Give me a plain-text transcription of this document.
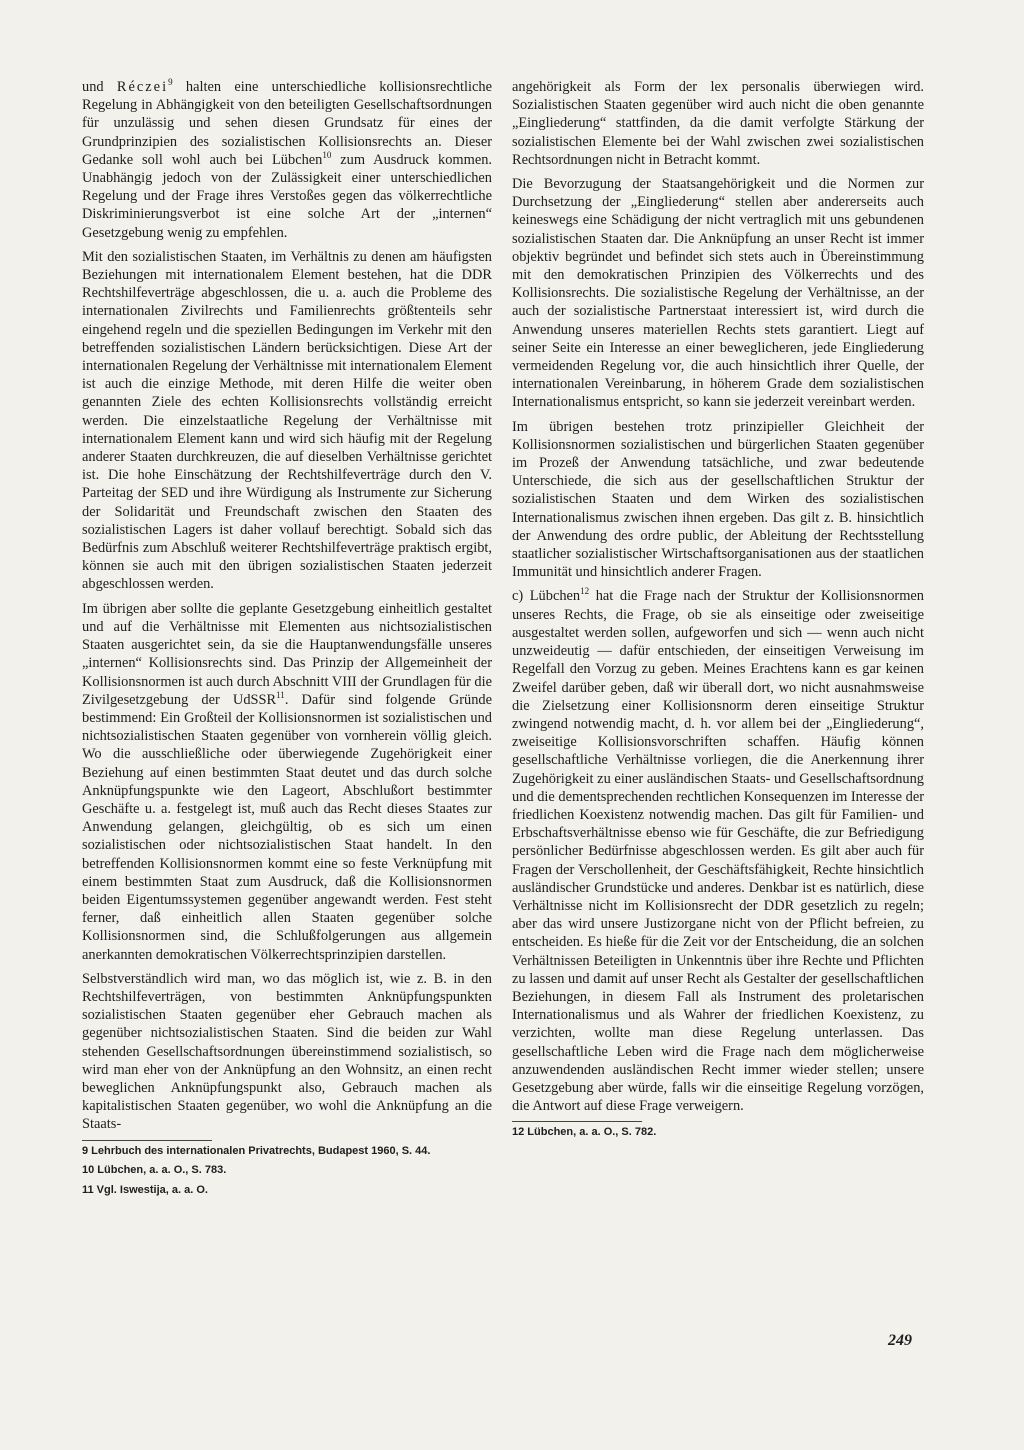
und Réczei$^9$ halten eine unterschiedliche kollisionsrechtliche Regelung in Abhängigkeit von den beteiligten Gesellschaftsordnungen für unzulässig und sehen diesen Grundsatz für eines der Grundprinzipien des sozialistischen Kollisionsrechts an. Dieser Gedanke soll wohl auch bei Lübchen$^{10}$ zum Ausdruck kommen. Unabhängig jedoch von der Zulässigkeit einer unterschiedlichen Regelung und der Frage ihres Verstoßes gegen das völkerrechtliche Diskriminierungsverbot ist eine solche Art der „internen“ Gesetzgebung wenig zu empfehlen.

Mit den sozialistischen Staaten, im Verhältnis zu denen am häufigsten Beziehungen mit internationalem Element bestehen, hat die DDR Rechtshilfeverträge abgeschlossen, die u. a. auch die Probleme des internationalen Zivilrechts und Familienrechts größtenteils sehr eingehend regeln und die speziellen Bedingungen im Verkehr mit den betreffenden sozialistischen Ländern berücksichtigen. Diese Art der internationalen Regelung der Verhältnisse mit internationalem Element ist auch die einzige Methode, mit deren Hilfe die weiter oben genannten Ziele des echten Kollisionsrechts vollständig erreicht werden. Die einzelstaatliche Regelung der Verhältnisse mit internationalem Element kann und wird sich häufig mit der Regelung anderer Staaten durchkreuzen, die auf dieselben Verhältnisse gerichtet ist. Die hohe Einschätzung der Rechtshilfeverträge durch den V. Parteitag der SED und ihre Würdigung als Instrumente zur Sicherung der Solidarität und Freundschaft zwischen den Staaten des sozialistischen Lagers ist daher vollauf berechtigt. Sobald sich das Bedürfnis zum Abschluß weiterer Rechtshilfeverträge praktisch ergibt, können sie auch mit den übrigen sozialistischen Staaten jederzeit abgeschlossen werden.

Im übrigen aber sollte die geplante Gesetzgebung einheitlich gestaltet und auf die Verhältnisse mit Elementen aus nichtsozialistischen Staaten ausgerichtet sein, da sie die Hauptanwendungsfälle unseres „internen“ Kollisionsrechts sind. Das Prinzip der Allgemeinheit der Kollisionsnormen ist auch durch Abschnitt VIII der Grundlagen für die Zivilgesetzgebung der UdSSR$^{11}$. Dafür sind folgende Gründe bestimmend: Ein Großteil der Kollisionsnormen ist sozialistischen und nichtsozialistischen Staaten gegenüber von vornherein völlig gleich. Wo die ausschließliche oder überwiegende Zugehörigkeit einer Beziehung auf einen bestimmten Staat deutet und das durch solche Anknüpfungspunkte wie den Lageort, Abschlußort bestimmter Geschäfte u. a. festgelegt ist, muß auch das Recht dieses Staates zur Anwendung gelangen, gleichgültig, ob es sich um einen sozialistischen oder nichtsozialistischen Staat handelt. In den betreffenden Kollisionsnormen kommt eine so feste Verknüpfung mit einem bestimmten Staat zum Ausdruck, daß die Kollisionsnormen beiden Eigentumssystemen gegenüber angewandt werden. Fest steht ferner, daß einheitlich allen Staaten gegenüber solche Kollisionsnormen sind, die Schlußfolgerungen aus allgemein anerkannten demokratischen Völkerrechtsprinzipien darstellen.

Selbstverständlich wird man, wo das möglich ist, wie z. B. in den Rechtshilfeverträgen, von bestimmten Anknüpfungspunkten sozialistischen Staaten gegenüber eher Gebrauch machen als gegenüber nichtsozialistischen Staaten. Sind die beiden zur Wahl stehenden Gesellschaftsordnungen übereinstimmend sozialistisch, so wird man eher von der Anknüpfung an den Wohnsitz, an einen recht beweglichen Anknüpfungspunkt also, Gebrauch machen als kapitalistischen Staaten gegenüber, wo wohl die Anknüpfung an die Staats-

9 Lehrbuch des internationalen Privatrechts, Budapest 1960, S. 44.

10 Lübchen, a. a. O., S. 783.

11 Vgl. Iswestija, a. a. O.

angehörigkeit als Form der lex personalis überwiegen wird. Sozialistischen Staaten gegenüber wird auch nicht die oben genannte „Eingliederung“ stattfinden, da die damit verfolgte Stärkung der sozialistischen Elemente bei der Wahl zwischen zwei sozialistischen Rechtsordnungen nicht in Betracht kommt.

Die Bevorzugung der Staatsangehörigkeit und die Normen zur Durchsetzung der „Eingliederung“ stellen aber andererseits auch keineswegs eine Schädigung der nicht vertraglich mit uns gebundenen sozialistischen Staaten dar. Die Anknüpfung an unser Recht ist immer objektiv begründet und befindet sich stets auch in Übereinstimmung mit den demokratischen Prinzipien des Völkerrechts und des Kollisionsrechts. Die sozialistische Regelung der Verhältnisse, an der auch der sozialistische Partnerstaat interessiert ist, wird durch die Anwendung unseres materiellen Rechts stets garantiert. Liegt auf seiner Seite ein Interesse an einer beweglicheren, jede Eingliederung vermeidenden Regelung vor, die auch hinsichtlich ihrer Quelle, der internationalen Vereinbarung, in höherem Grade dem sozialistischen Internationalismus entspricht, so kann sie jederzeit vereinbart werden.

Im übrigen bestehen trotz prinzipieller Gleichheit der Kollisionsnormen sozialistischen und bürgerlichen Staaten gegenüber im Prozeß der Anwendung tatsächliche, und zwar bedeutende Unterschiede, die sich aus der gesellschaftlichen Struktur der sozialistischen Staaten und dem Wirken des sozialistischen Internationalismus zwischen ihnen ergeben. Das gilt z. B. hinsichtlich der Anwendung des ordre public, der Ableitung der Rechtsstellung staatlicher sozialistischer Wirtschaftsorganisationen aus der staatlichen Immunität und hinsichtlich anderer Fragen.

c) Lübchen$^{12}$ hat die Frage nach der Struktur der Kollisionsnormen unseres Rechts, die Frage, ob sie als einseitige oder zweiseitige ausgestaltet werden sollen, aufgeworfen und sich — wenn auch nicht unzweideutig — dafür entschieden, der einseitigen Verweisung im Regelfall den Vorzug zu geben. Meines Erachtens kann es gar keinen Zweifel darüber geben, daß wir überall dort, wo nicht ausnahmsweise die Zielsetzung einer Kollisionsnorm deren einseitige Struktur zwingend notwendig macht, d. h. vor allem bei der „Eingliederung“, zweiseitige Kollisionsvorschriften schaffen. Häufig können gesellschaftliche Verhältnisse vorliegen, die die Anerkennung ihrer Zugehörigkeit zu einer ausländischen Staats- und Gesellschaftsordnung und die dementsprechenden rechtlichen Konsequenzen im Interesse der friedlichen Koexistenz notwendig machen. Das gilt für Familien- und Erbschaftsverhältnisse ebenso wie für Geschäfte, die zur Befriedigung persönlicher Bedürfnisse abgeschlossen werden. Es gilt aber auch für Fragen der Verschollenheit, der Geschäftsfähigkeit, Rechte hinsichtlich ausländischer Grundstücke und anderes. Denkbar ist es natürlich, diese Verhältnisse nicht im Kollisionsrecht der DDR gesetzlich zu regeln; aber das wird unsere Justizorgane nicht von der Pflicht befreien, zu entscheiden. Es hieße für die Zeit vor der Entscheidung, die an solchen Verhältnissen Beteiligten in Unkenntnis über ihre Rechte und Pflichten zu lassen und damit auf unser Recht als Gestalter der gesellschaftlichen Beziehungen, in diesem Fall als Instrument des proletarischen Internationalismus und als Wahrer der friedlichen Koexistenz, zu verzichten, wollte man diese Regelung unterlassen. Das gesellschaftliche Leben wird die Frage nach dem möglicherweise anzuwendenden ausländischen Recht immer wieder stellen; unsere Gesetzgebung aber würde, falls wir die einseitige Regelung vorzögen, die Antwort auf diese Frage verweigern.

12 Lübchen, a. a. O., S. 782.

249
